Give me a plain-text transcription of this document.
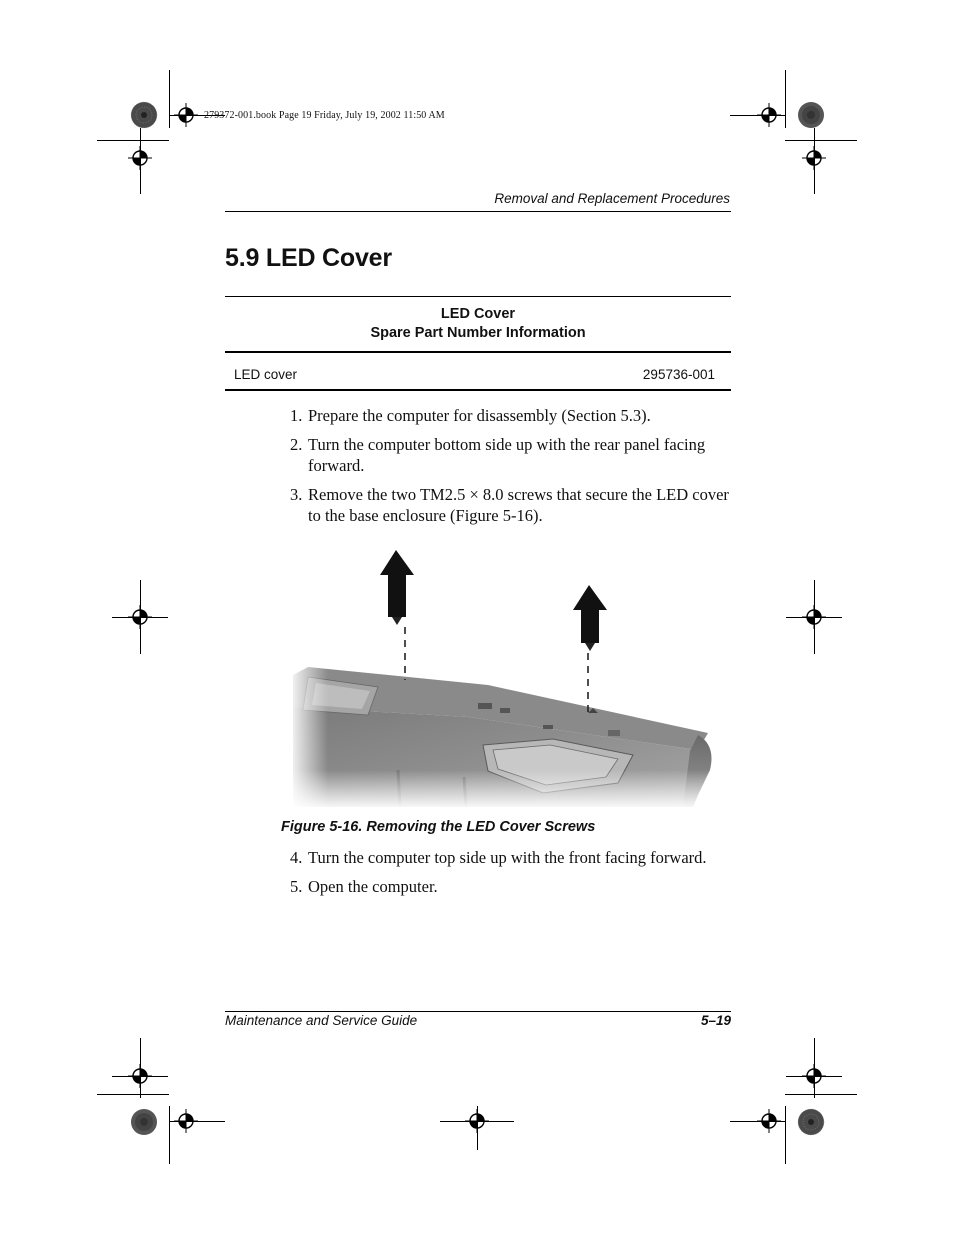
279372-001.book Page 19 Friday, July 19, 2002 11:50 AM
Removal and Replacement Procedures
5.9 LED Cover
LED Cover
Spare Part Number Information
LED cover	295736-001
1. Prepare the computer for disassembly (Section 5.3).
2. Turn the computer bottom side up with the rear panel facing forward.
3. Remove the two TM2.5 × 8.0 screws that secure the LED cover to the base enclosure (Figure 5-16).
Figure 5-16. Removing the LED Cover Screws
4. Turn the computer top side up with the front facing forward.
5. Open the computer.
Maintenance and Service Guide	5–19
